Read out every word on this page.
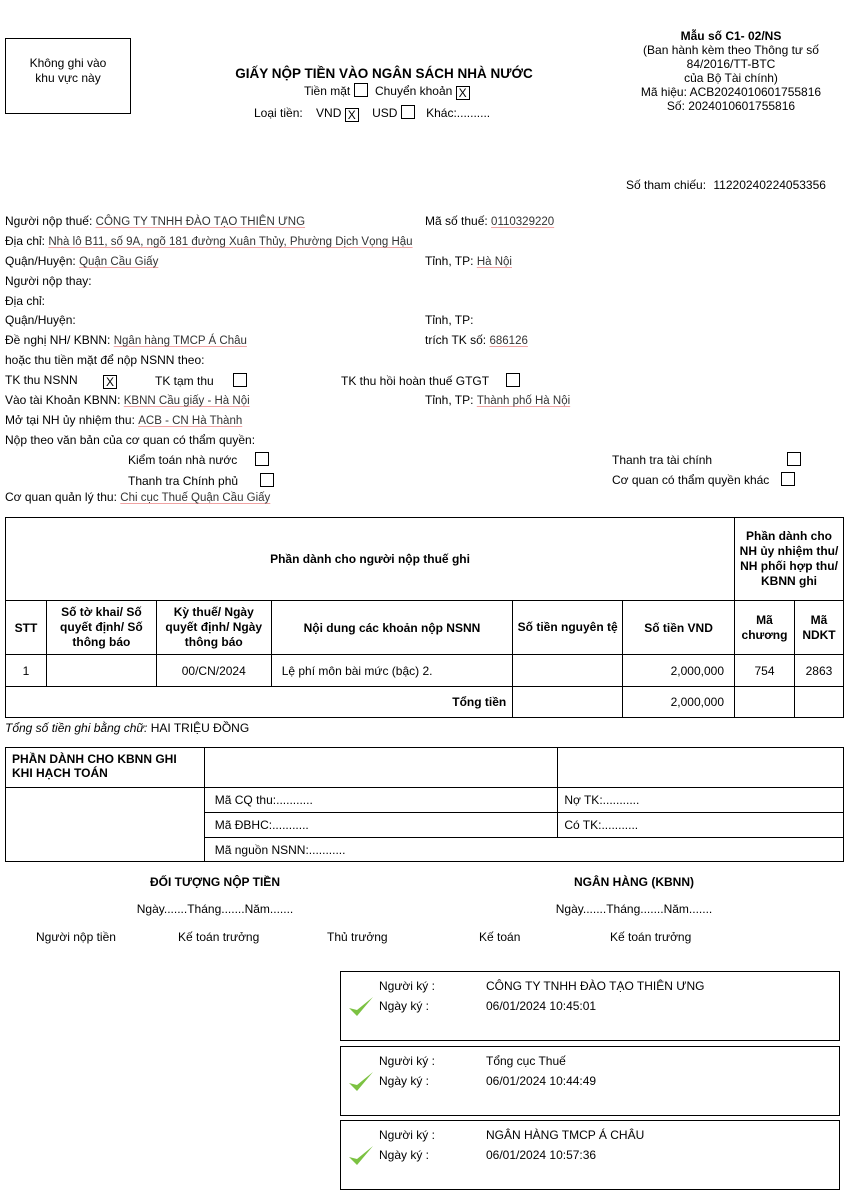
Không ghi vào
khu vực này	GIẤY NỘP TIỀN VÀO NGÂN SÁCH NHÀ NƯỚC
Tiền mặt Chuyển khoản X
Loại tiền: VND X USD Khác:..........
Mẫu số C1- 02/NS
(Ban hành kèm theo Thông tư số
84/2016/TT-BTC
của Bộ Tài chính)
Mã hiệu: ACB2024010601755816
Số: 2024010601755816
Số tham chiếu: 11220240224053356
Người nộp thuế: CÔNG TY TNHH ĐÀO TẠO THIÊN ƯNG	Mã số thuế: 0110329220
Địa chỉ: Nhà lô B11, số 9A, ngõ 181 đường Xuân Thủy, Phường Dịch Vọng Hậu
Quận/Huyện: Quận Cầu Giấy	Tỉnh, TP: Hà Nội
Người nộp thay:
Địa chỉ:
Quận/Huyện:	Tỉnh, TP:
Đề nghị NH/ KBNN: Ngân hàng TMCP Á Châu	trích TK số: 686126
hoặc thu tiền mặt để nộp NSNN theo:
TK thu NSNN X	TK tạm thu	TK thu hồi hoàn thuế GTGT
Vào tài Khoản KBNN: KBNN Cầu giấy - Hà Nội	Tỉnh, TP: Thành phố Hà Nội
Mở tại NH ủy nhiệm thu: ACB - CN Hà Thành
Nộp theo văn bản của cơ quan có thẩm quyền:
Kiểm toán nhà nước	Thanh tra tài chính
Thanh tra Chính phủ	Cơ quan có thẩm quyền khác
Cơ quan quản lý thu: Chi cục Thuế Quận Cầu Giấy
Phần dành cho người nộp thuế ghi						Phần dành cho NH ủy nhiệm thu/ NH phối hợp thu/ KBNN ghi	
STT	Số tờ khai/ Số quyết định/ Số thông báo	Kỳ thuế/ Ngày quyết định/ Ngày thông báo	Nội dung các khoản nộp NSNN	Số tiền nguyên tệ	Số tiền VND	Mã chương	Mã NDKT
1		00/CN/2024	Lệ phí môn bài mức (bậc) 2.		2,000,000	754	2863
Tổng tiền					2,000,000		
Tổng số tiền ghi bằng chữ: HAI TRIỆU ĐỒNG
PHẦN DÀNH CHO KBNN GHI KHI HẠCH TOÁN		
	Mã CQ thu:...........	Nợ TK:...........
	Mã ĐBHC:...........	Có TK:...........
	Mã nguồn NSNN:...........	
ĐỐI TƯỢNG NỘP TIỀN	NGÂN HÀNG (KBNN)
Ngày.......Tháng.......Năm.......	Ngày.......Tháng.......Năm.......
Người nộp tiền	Kế toán trưởng	Thủ trưởng	Kế toán	Kế toán trưởng
Người ký :	CÔNG TY TNHH ĐÀO TẠO THIÊN ƯNG
Ngày ký :	06/01/2024 10:45:01
Người ký :	Tổng cục Thuế
Ngày ký :	06/01/2024 10:44:49
Người ký :	NGÂN HÀNG TMCP Á CHÂU
Ngày ký :	06/01/2024 10:57:36
